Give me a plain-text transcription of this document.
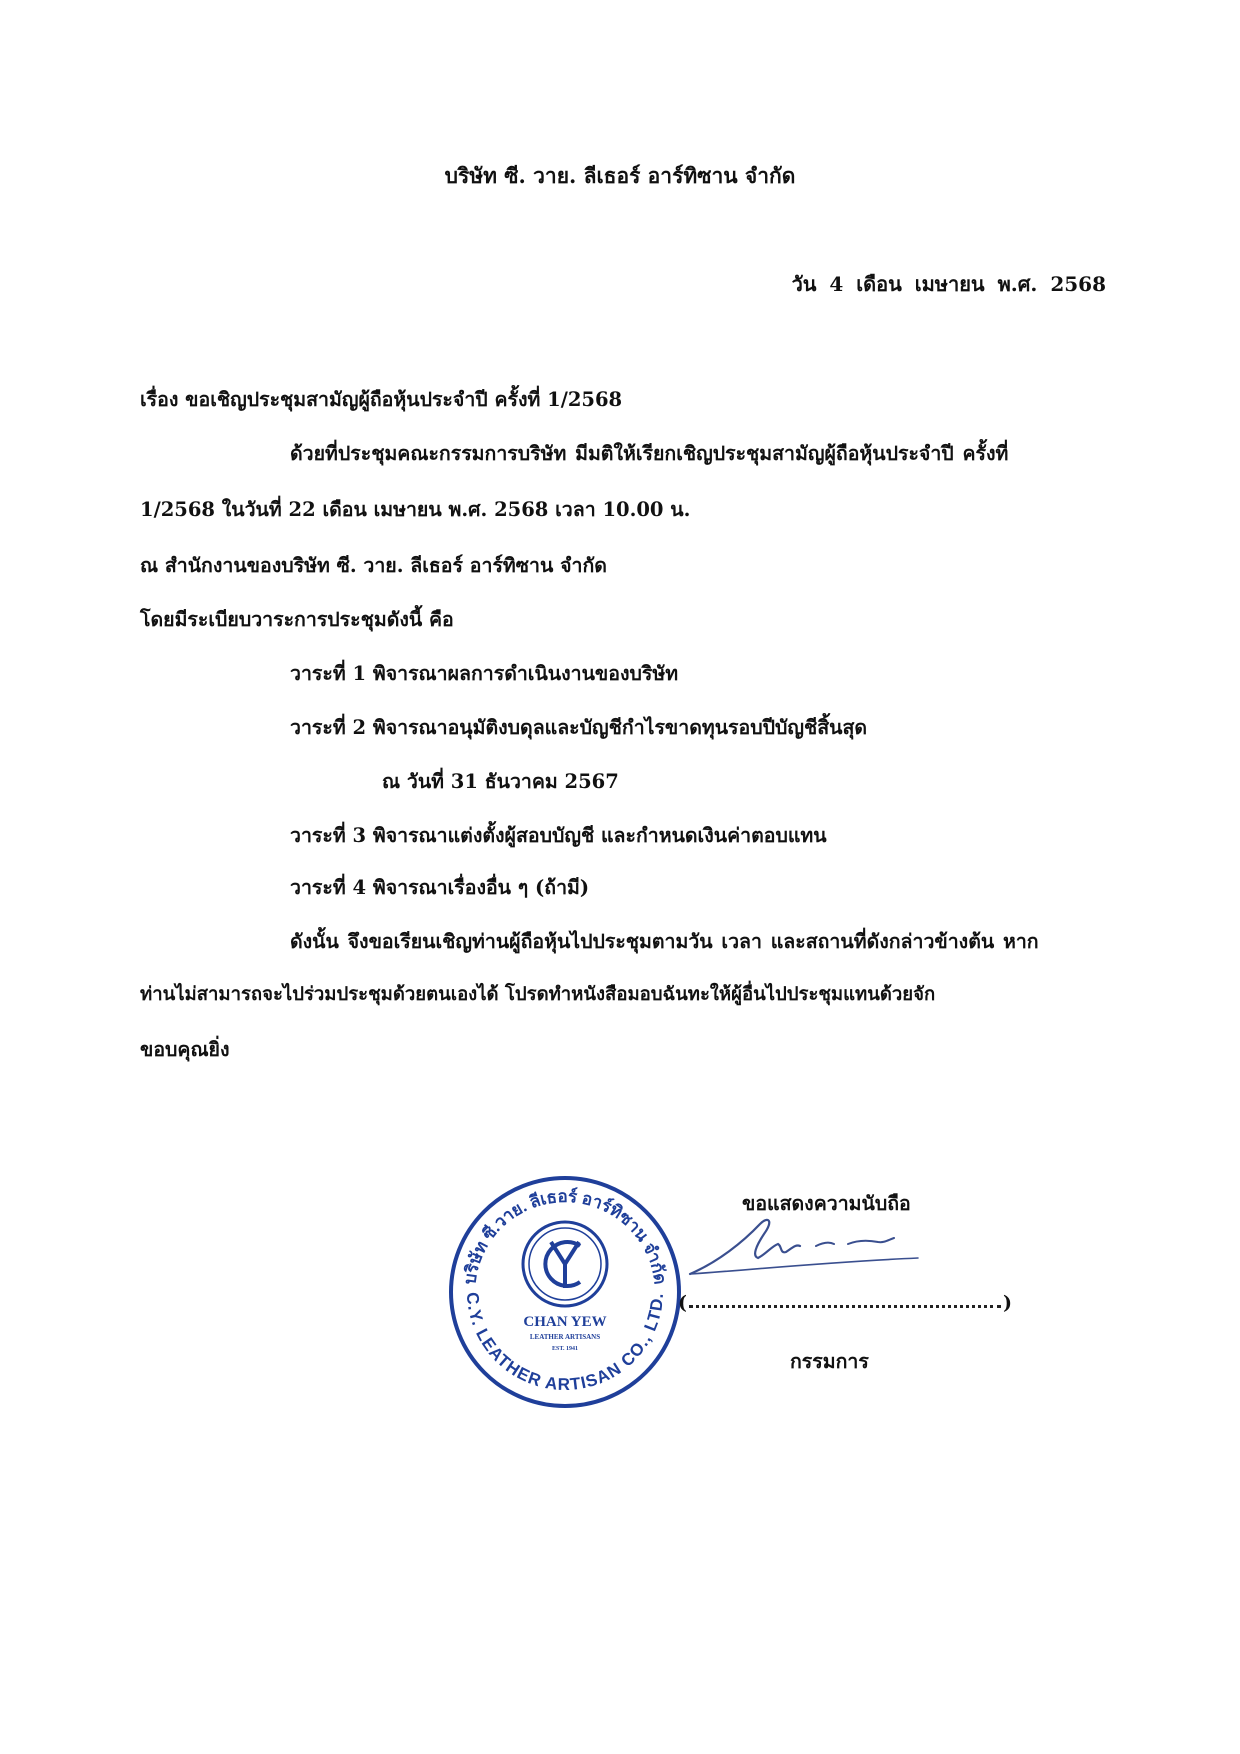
บริษัท ซี. วาย. ลีเธอร์ อาร์ทิซาน จำกัด
วัน 4 เดือน เมษายน พ.ศ. 2568
เรื่อง ขอเชิญประชุมสามัญผู้ถือหุ้นประจำปี ครั้งที่ 1/2568
ด้วยที่ประชุมคณะกรรมการบริษัท มีมติให้เรียกเชิญประชุมสามัญผู้ถือหุ้นประจำปี ครั้งที่
1/2568 ในวันที่ 22 เดือน เมษายน พ.ศ. 2568 เวลา 10.00 น.
ณ สำนักงานของบริษัท ซี. วาย. ลีเธอร์ อาร์ทิซาน จำกัด
โดยมีระเบียบวาระการประชุมดังนี้ คือ
วาระที่ 1 พิจารณาผลการดำเนินงานของบริษัท
วาระที่ 2 พิจารณาอนุมัติงบดุลและบัญชีกำไรขาดทุนรอบปีบัญชีสิ้นสุด
ณ วันที่ 31 ธันวาคม 2567
วาระที่ 3 พิจารณาแต่งตั้งผู้สอบบัญชี และกำหนดเงินค่าตอบแทน
วาระที่ 4 พิจารณาเรื่องอื่น ๆ (ถ้ามี)
ดังนั้น จึงขอเรียนเชิญท่านผู้ถือหุ้นไปประชุมตามวัน เวลา และสถานที่ดังกล่าวข้างต้น หาก
ท่านไม่สามารถจะไปร่วมประชุมด้วยตนเองได้ โปรดทำหนังสือมอบฉันทะให้ผู้อื่นไปประชุมแทนด้วยจัก
ขอบคุณยิ่ง
ขอแสดงความนับถือ
บริษัท ซี.วาย. ลีเธอร์ อาร์ทิซาน จำกัด
C.Y. LEATHER ARTISAN CO., LTD.
CHAN YEW
LEATHER ARTISANS
EST. 1941
(	)
กรรมการ
